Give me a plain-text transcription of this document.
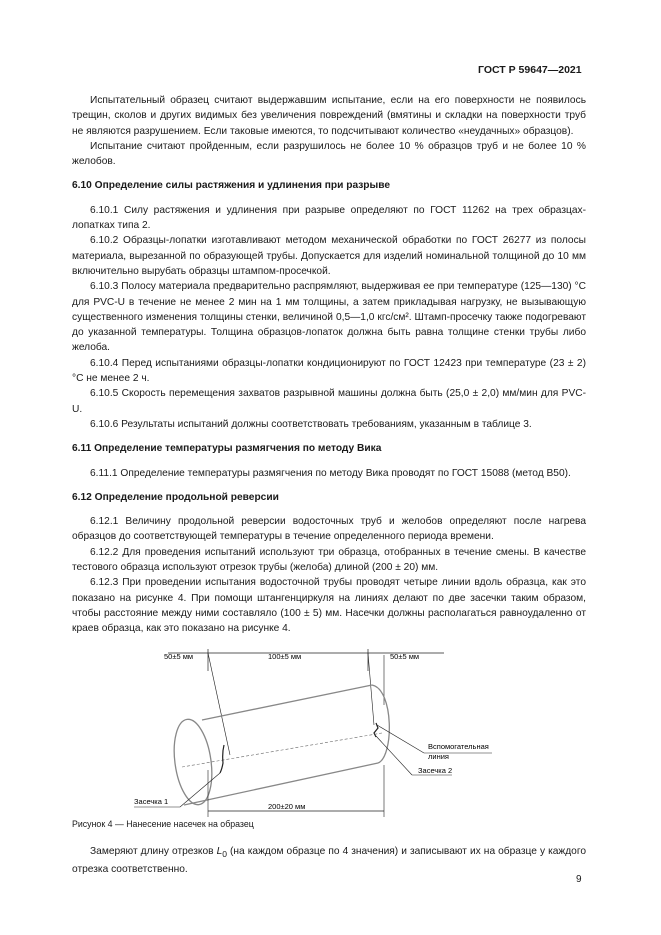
ГОСТ Р 59647—2021

Испытательный образец считают выдержавшим испытание, если на его поверхности не появилось трещин, сколов и других видимых без увеличения повреждений (вмятины и складки на поверхности труб не являются разрушением. Если таковые имеются, то подсчитывают количество «неудачных» образцов).

Испытание считают пройденным, если разрушилось не более 10 % образцов труб и не более 10 % желобов.

6.10 Определение силы растяжения и удлинения при разрыве

6.10.1 Силу растяжения и удлинения при разрыве определяют по ГОСТ 11262 на трех образцах-лопатках типа 2.

6.10.2 Образцы-лопатки изготавливают методом механической обработки по ГОСТ 26277 из полосы материала, вырезанной по образующей трубы. Допускается для изделий номинальной толщиной до 10 мм включительно вырубать образцы штампом-просечкой.

6.10.3 Полосу материала предварительно распрямляют, выдерживая ее при температуре (125—130) °С для PVC-U в течение не менее 2 мин на 1 мм толщины, а затем прикладывая нагрузку, не вызывающую существенного изменения толщины стенки, величиной 0,5—1,0 кгс/см². Штамп-просечку также подогревают до указанной температуры. Толщина образцов-лопаток должна быть равна толщине стенки трубы либо желоба.

6.10.4 Перед испытаниями образцы-лопатки кондиционируют по ГОСТ 12423 при температуре (23 ± 2) °С не менее 2 ч.

6.10.5 Скорость перемещения захватов разрывной машины должна быть (25,0 ± 2,0) мм/мин для PVC-U.

6.10.6 Результаты испытаний должны соответствовать требованиям, указанным в таблице 3.

6.11 Определение температуры размягчения по методу Вика

6.11.1 Определение температуры размягчения по методу Вика проводят по ГОСТ 15088 (метод В50).

6.12 Определение продольной реверсии

6.12.1 Величину продольной реверсии водосточных труб и желобов определяют после нагрева образцов до соответствующей температуры в течение определенного периода времени.

6.12.2 Для проведения испытаний используют три образца, отобранных в течение смены. В качестве тестового образца используют отрезок трубы (желоба) длиной (200 ± 20) мм.

6.12.3 При проведении испытания водосточной трубы проводят четыре линии вдоль образца, как это показано на рисунке 4. При помощи штангенциркуля на линиях делают по две засечки таким образом, чтобы расстояние между ними составляло (100 ± 5) мм. Насечки должны располагаться равноудаленно от краев образца, как это показано на рисунке 4.

50±5 мм	100±5 мм	50±5 мм
200±20 мм
Вспомогательная
линия
Засечка 2
Засечка 1

Рисунок 4 — Нанесение насечек на образец

Замеряют длину отрезков $L_0$ (на каждом образце по 4 значения) и записывают их на образце у каждого отрезка соответственно.

9
